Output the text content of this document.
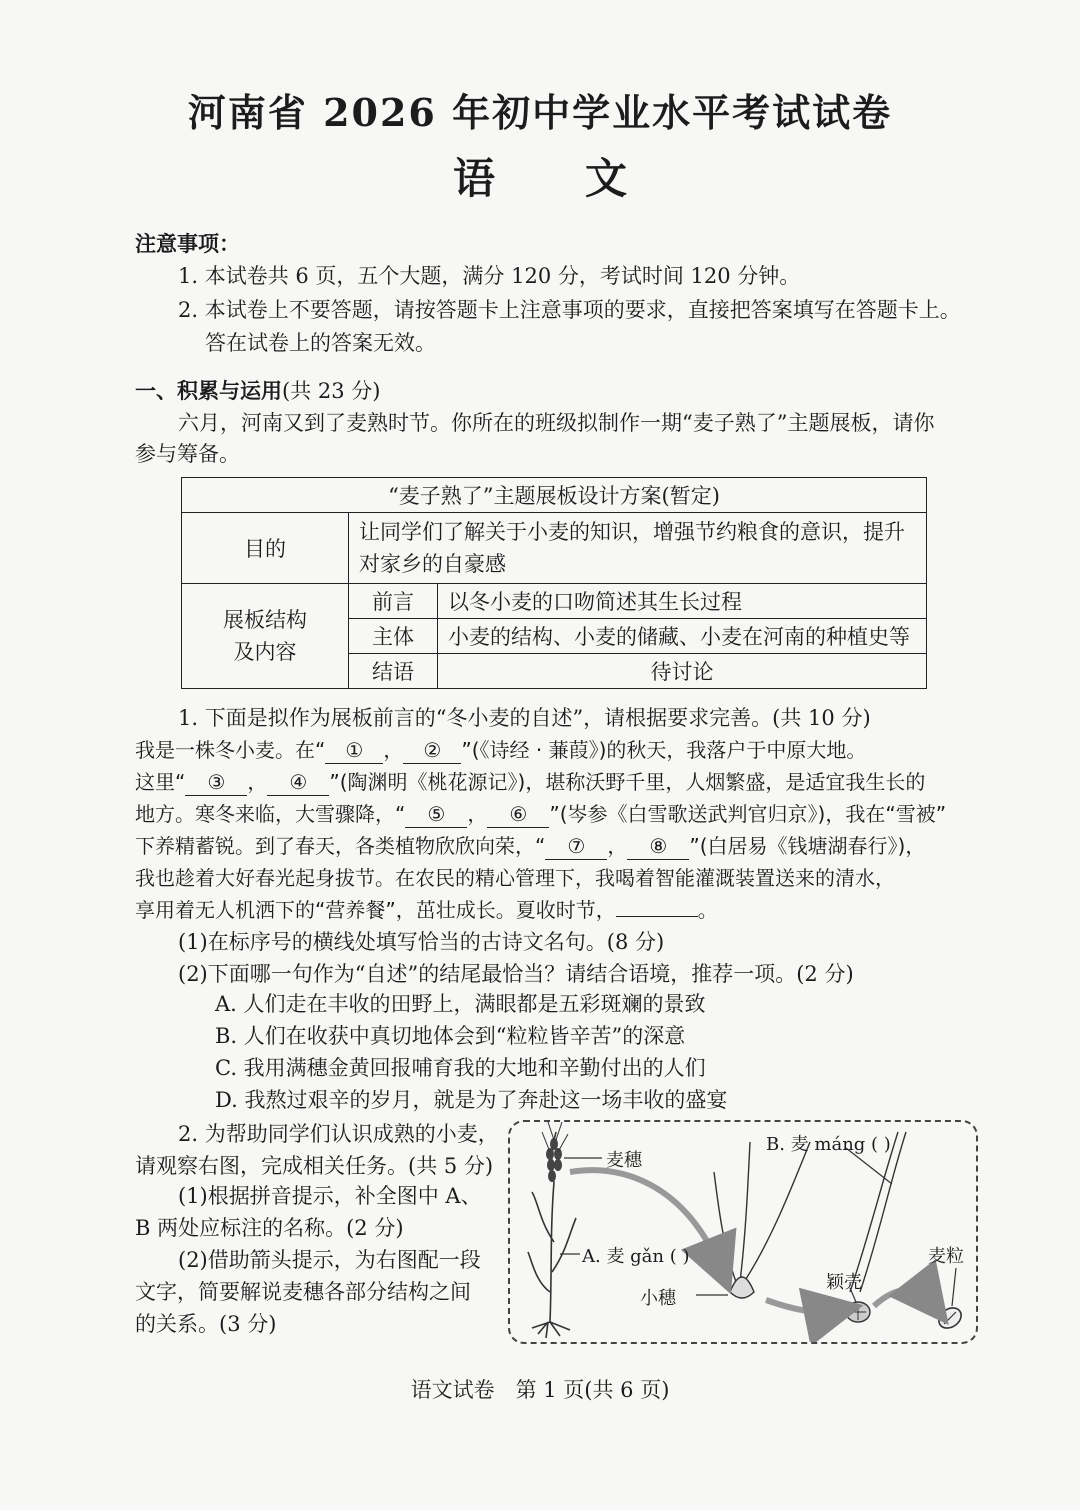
河南省 2026 年初中学业水平考试试卷
语文
注意事项：
1. 本试卷共 6 页，五个大题，满分 120 分，考试时间 120 分钟。
2. 本试卷上不要答题，请按答题卡上注意事项的要求，直接把答案填写在答题卡上。
答在试卷上的答案无效。
一、积累与运用(共 23 分)
六月，河南又到了麦熟时节。你所在的班级拟制作一期“麦子熟了”主题展板，请你
参与筹备。
“麦子熟了”主题展板设计方案(暂定)		
目的	让同学们了解关于小麦的知识，增强节约粮食的意识，提升
对家乡的自豪感	

展板结构
及内容	前言	以冬小麦的口吻简述其生长过程
	主体	小麦的结构、小麦的储藏、小麦在河南的种植史等
	结语	待讨论
1. 下面是拟作为展板前言的“冬小麦的自述”，请根据要求完善。(共 10 分)
我是一株冬小麦。在“ ① ， ② ”(《诗经 · 蒹葭》)的秋天，我落户于中原大地。
这里“ ③ ， ④ ”(陶渊明《桃花源记》)，堪称沃野千里，人烟繁盛，是适宜我生长的
地方。寒冬来临，大雪骤降，“ ⑤ ， ⑥ ”(岑参《白雪歌送武判官归京》)，我在“雪被”
下养精蓄锐。到了春天，各类植物欣欣向荣，“ ⑦ ， ⑧ ”(白居易《钱塘湖春行》)，
我也趁着大好春光起身拔节。在农民的精心管理下，我喝着智能灌溉装置送来的清水，
享用着无人机洒下的“营养餐”，茁壮成长。夏收时节，	。
(1)在标序号的横线处填写恰当的古诗文名句。(8 分)
(2)下面哪一句作为“自述”的结尾最恰当？请结合语境，推荐一项。(2 分)
A. 人们走在丰收的田野上，满眼都是五彩斑斓的景致
B. 人们在收获中真切地体会到“粒粒皆辛苦”的深意
C. 我用满穗金黄回报哺育我的大地和辛勤付出的人们
D. 我熬过艰辛的岁月，就是为了奔赴这一场丰收的盛宴
2. 为帮助同学们认识成熟的小麦，
请观察右图，完成相关任务。(共 5 分)
(1)根据拼音提示，补全图中 A、
B 两处应标注的名称。(2 分)
(2)借助箭头提示，为右图配一段
文字，简要解说麦穗各部分结构之间
的关系。(3 分)
麦穗
B. 麦 máng ( )
A. 麦 gǎn ( )
小穗
颖壳
麦粒
语文试卷　第 1 页(共 6 页)
